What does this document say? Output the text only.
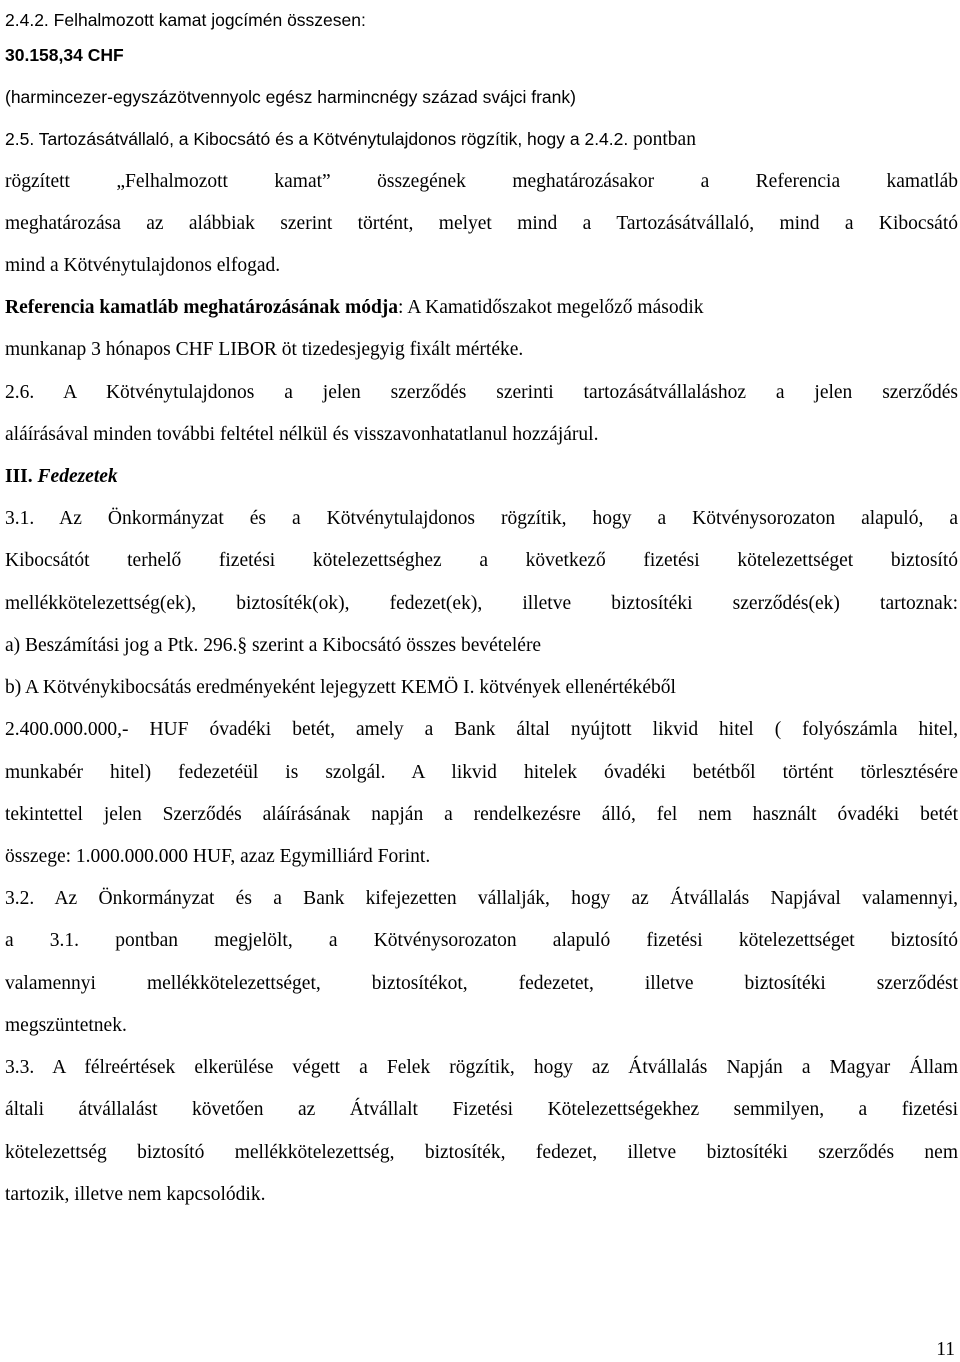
2.4.2. Felhalmozott kamat jogcímén összesen:
30.158,34 CHF
(harmincezer-egyszázötvennyolc egész harmincnégy század svájci frank)
2.5. Tartozásátvállaló, a Kibocsátó és a Kötvénytulajdonos rögzítik, hogy a 2.4.2. pontban
rögzített „Felhalmozott kamat” összegének meghatározásakor a Referencia kamatláb
meghatározása az alábbiak szerint történt, melyet mind a Tartozásátvállaló, mind a Kibocsátó
mind a Kötvénytulajdonos elfogad.
Referencia kamatláb meghatározásának módja: A Kamatidőszakot megelőző második
munkanap 3 hónapos CHF LIBOR öt tizedesjegyig fixált mértéke.
2.6. A Kötvénytulajdonos a jelen szerződés szerinti tartozásátvállaláshoz a jelen szerződés
aláírásával minden további feltétel nélkül és visszavonhatatlanul hozzájárul.
III. Fedezetek
3.1. Az Önkormányzat és a Kötvénytulajdonos rögzítik, hogy a Kötvénysorozaton alapuló, a
Kibocsátót terhelő fizetési kötelezettséghez a következő fizetési kötelezettséget biztosító
mellékkötelezettség(ek), biztosíték(ok), fedezet(ek), illetve biztosítéki szerződés(ek) tartoznak:
a) Beszámítási jog a Ptk. 296.§ szerint a Kibocsátó összes bevételére
b) A Kötvénykibocsátás eredményeként lejegyzett KEMÖ I. kötvények ellenértékéből
2.400.000.000,- HUF óvadéki betét, amely a Bank által nyújtott likvid hitel ( folyószámla hitel,
munkabér hitel) fedezetéül is szolgál. A likvid hitelek óvadéki betétből történt törlesztésére
tekintettel jelen Szerződés aláírásának napján a rendelkezésre álló, fel nem használt óvadéki betét
összege: 1.000.000.000 HUF, azaz Egymilliárd Forint.
3.2. Az Önkormányzat és a Bank kifejezetten vállalják, hogy az Átvállalás Napjával valamennyi,
a 3.1. pontban megjelölt, a Kötvénysorozaton alapuló fizetési kötelezettséget biztosító
valamennyi mellékkötelezettséget, biztosítékot, fedezetet, illetve biztosítéki szerződést
megszüntetnek.
3.3. A félreértések elkerülése végett a Felek rögzítik, hogy az Átvállalás Napján a Magyar Állam
általi átvállalást követően az Átvállalt Fizetési Kötelezettségekhez semmilyen, a fizetési
kötelezettség biztosító mellékkötelezettség, biztosíték, fedezet, illetve biztosítéki szerződés nem
tartozik, illetve nem kapcsolódik.
11
